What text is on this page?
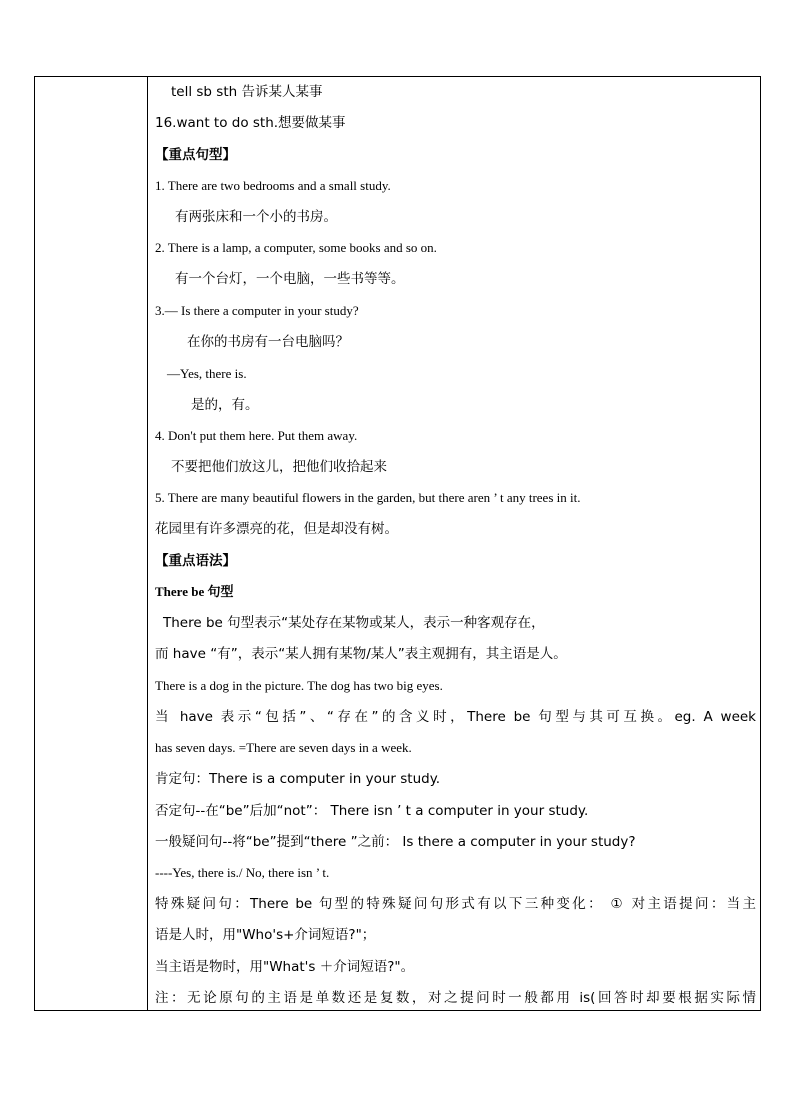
tell sb sth 告诉某人某事
16.want to do sth.想要做某事
【重点句型】
1. There are two bedrooms and a small study.
有两张床和一个小的书房。
2. There is a lamp, a computer, some books and so on.
有一个台灯，一个电脑，一些书等等。
3.— Is there a computer in your study?
在你的书房有一台电脑吗？
—Yes, there is.
是的，有。
4. Don't put them here. Put them away.
不要把他们放这儿，把他们收拾起来
5. There are many beautiful flowers in the garden, but there aren ’ t any trees in it.
花园里有许多漂亮的花，但是却没有树。
【重点语法】
There be 句型
There be 句型表示“某处存在某物或某人，表示一种客观存在，
而 have “有”，表示“某人拥有某物/某人”表主观拥有，其主语是人。
There is a dog in the picture. The dog has two big eyes.
当 have 表示“包括”、“存在”的含义时，There be 句型与其可互换。eg. A week
has seven days. =There are seven days in a week.
肯定句：There is a computer in your study.
否定句--在“be”后加“not”： There isn ’ t a computer in your study.
一般疑问句--将“be”提到“there ”之前： Is there a computer in your study?
----Yes, there is./ No, there isn ’ t.
特殊疑问句：There be 句型的特殊疑问句形式有以下三种变化： ① 对主语提问：当主
语是人时，用"Who's+介词短语?"；
当主语是物时，用"What's ＋介词短语?"。
注：无论原句的主语是单数还是复数，对之提问时一般都用 is(回答时却要根据实际情
